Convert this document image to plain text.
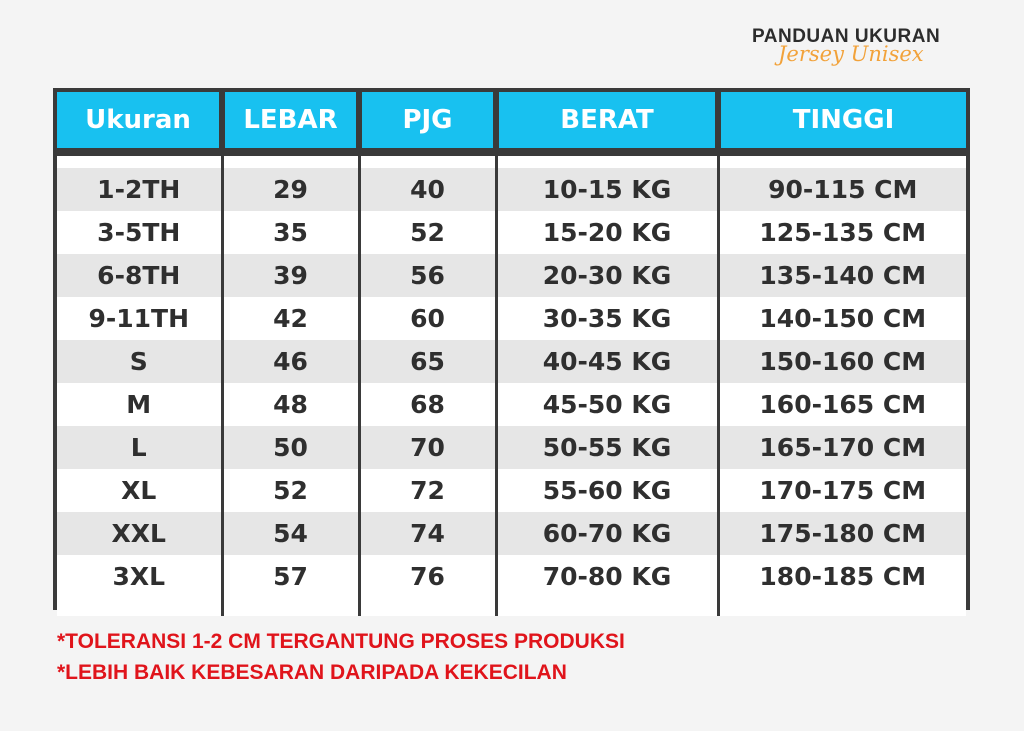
PANDUAN UKURAN
Jersey Unisex
Ukuran	LEBAR	PJG	BERAT	TINGGI

1-2TH	29	40	10-15 KG	90-115 CM
3-5TH	35	52	15-20 KG	125-135 CM
6-8TH	39	56	20-30 KG	135-140 CM
9-11TH	42	60	30-35 KG	140-150 CM
S	46	65	40-45 KG	150-160 CM
M	48	68	45-50 KG	160-165 CM
L	50	70	50-55 KG	165-170 CM
XL	52	72	55-60 KG	170-175 CM
XXL	54	74	60-70 KG	175-180 CM
3XL	57	76	70-80 KG	180-185 CM

*TOLERANSI 1-2 CM TERGANTUNG PROSES PRODUKSI
*LEBIH BAIK KEBESARAN DARIPADA KEKECILAN
